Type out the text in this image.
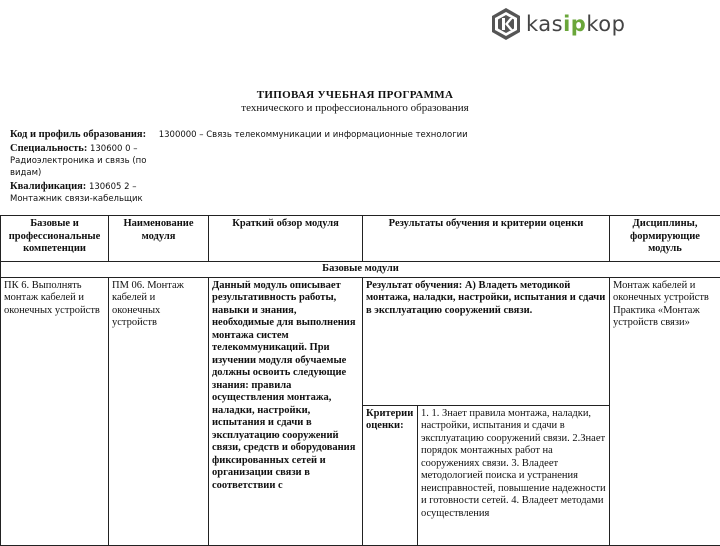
kasipkop
ТИПОВАЯ УЧЕБНАЯ ПРОГРАММА
технического и профессионального образования
Код и профиль образования: 1300000 – Связь телекоммуникации и информационные технологии
Специальность: 130600 0 –
Радиоэлектроника и связь (по
видам)
Квалификация: 130605 2 –
Монтажник связи-кабельщик
Базовые и профессиональные компетенции	Наименование модуля	Краткий обзор модуля	Результаты обучения и критерии оценки		Дисциплины, формирующие модуль
Базовые модули					
ПК 6. Выполнять монтаж кабелей и оконечных устройств	ПМ 06. Монтаж кабелей и оконечных устройств	Данный модуль описывает результативность работы, навыки и знания, необходимые для выполнения монтажа систем телекоммуникаций. При изучении модуля обучаемые должны освоить следующие знания: правила осуществления монтажа, наладки, настройки, испытания и сдачи в эксплуатацию сооружений связи, средств и оборудования фиксированных сетей и организации связи в соответствии с	Результат обучения: А) Владеть методикой монтажа, наладки, настройки, испытания и сдачи в эксплуатацию сооружений связи.		Монтаж кабелей и оконечных устройств Практика «Монтаж устройств связи»
			Критерии оценки:	1. 1. Знает правила монтажа, наладки, настройки, испытания и сдачи в эксплуатацию сооружений связи. 2.Знает порядок монтажных работ на сооружениях связи. 3. Владеет методологией поиска и устранения неисправностей, повышение надежности и готовности сетей. 4. Владеет методами осуществления	
